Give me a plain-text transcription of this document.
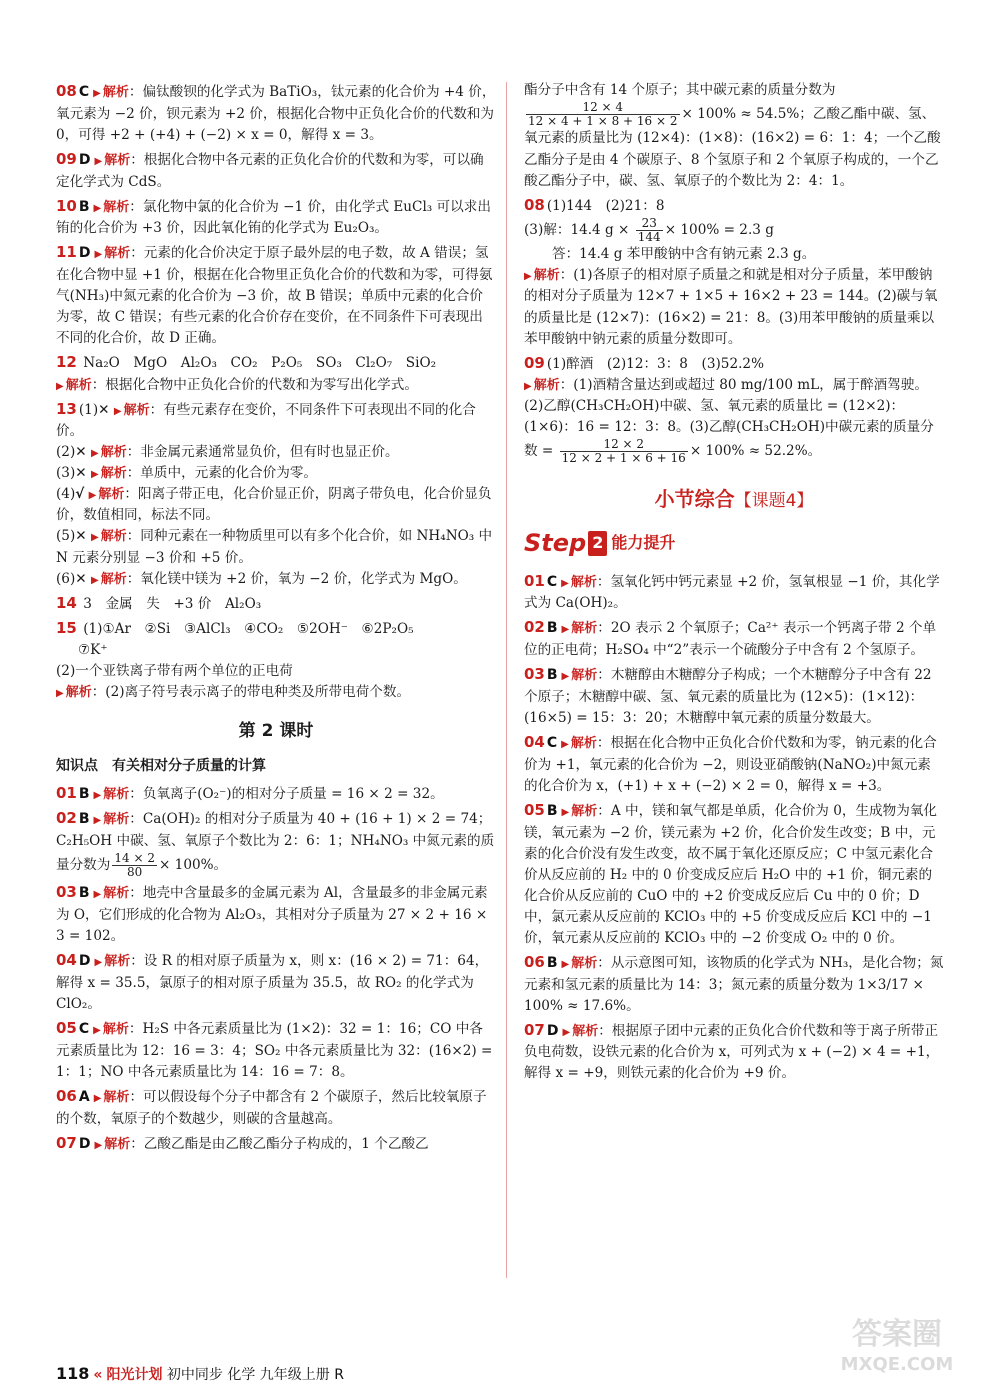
08 C ▶ 解析：偏钛酸钡的化学式为 BaTiO₃，钛元素的化合价为 +4 价，氧元素为 −2 价，钡元素为 +2 价，根据化合物中正负化合价的代数和为 0，可得 +2 + (+4) + (−2) × x = 0，解得 x = 3。
09 D ▶ 解析：根据化合物中各元素的正负化合价的代数和为零，可以确定化学式为 CdS。
10 B ▶ 解析：氯化物中氯的化合价为 −1 价，由化学式 EuCl₃ 可以求出铕的化合价为 +3 价，因此氧化铕的化学式为 Eu₂O₃。
11 D ▶ 解析：元素的化合价决定于原子最外层的电子数，故 A 错误；氢在化合物中显 +1 价，根据在化合物里正负化合价的代数和为零，可得氨气(NH₃)中氮元素的化合价为 −3 价，故 B 错误；单质中元素的化合价为零，故 C 错误；有些元素的化合价存在变价，在不同条件下可表现出不同的化合价，故 D 正确。
12 Na₂O　MgO　Al₂O₃　CO₂　P₂O₅　SO₃　Cl₂O₇　SiO₂
▶ 解析：根据化合物中正负化合价的代数和为零写出化学式。
13 (1)✕ ▶ 解析：有些元素存在变价，不同条件下可表现出不同的化合价。
(2)✕ ▶ 解析：非金属元素通常显负价，但有时也显正价。
(3)✕ ▶ 解析：单质中，元素的化合价为零。
(4)√ ▶ 解析：阳离子带正电，化合价显正价，阴离子带负电，化合价显负价，数值相同，标法不同。
(5)✕ ▶ 解析：同种元素在一种物质里可以有多个化合价，如 NH₄NO₃ 中 N 元素分别显 −3 价和 +5 价。
(6)✕ ▶ 解析：氧化镁中镁为 +2 价，氧为 −2 价，化学式为 MgO。
14 3　金属　失　+3 价　Al₂O₃
15 (1)①Ar　②Si　③AlCl₃　④CO₂　⑤2OH⁻　⑥2P₂O₅
⑦K⁺
(2)一个亚铁离子带有两个单位的正电荷
▶ 解析：(2)离子符号表示离子的带电种类及所带电荷个数。
第 2 课时
知识点　有关相对分子质量的计算
01 B ▶ 解析：负氧离子(O₂⁻)的相对分子质量 = 16 × 2 = 32。
02 B ▶ 解析：Ca(OH)₂ 的相对分子质量为 40 + (16 + 1) × 2 = 74；C₂H₅OH 中碳、氢、氧原子个数比为 2：6：1；NH₄NO₃ 中氮元素的质量分数为 $\frac{14 \times 2}{80} \times 100\%$。
03 B ▶ 解析：地壳中含量最多的金属元素为 Al，含量最多的非金属元素为 O，它们形成的化合物为 Al₂O₃，其相对分子质量为 27 × 2 + 16 × 3 = 102。
04 D ▶ 解析：设 R 的相对原子质量为 x，则 x：(16 × 2) = 71：64，解得 x = 35.5，氯原子的相对原子质量为 35.5，故 RO₂ 的化学式为 ClO₂。
05 C ▶ 解析：H₂S 中各元素质量比为 (1×2)：32 = 1：16；CO 中各元素质量比为 12：16 = 3：4；SO₂ 中各元素质量比为 32：(16×2) = 1：1；NO 中各元素质量比为 14：16 = 7：8。
06 A ▶ 解析：可以假设每个分子中都含有 2 个碳原子，然后比较氧原子的个数，氧原子的个数越少，则碳的含量越高。
07 D ▶ 解析：乙酸乙酯是由乙酸乙酯分子构成的，1 个乙酸乙
酯分子中含有 14 个原子；其中碳元素的质量分数为
$\frac{12 \times 4}{12 \times 4 + 1 \times 8 + 16 \times 2} \times 100\% \approx 54.5\%$；乙酸乙酯中碳、氢、氧元素的质量比为 (12×4)：(1×8)：(16×2) = 6：1：4；一个乙酸乙酯分子是由 4 个碳原子、8 个氢原子和 2 个氧原子构成的，一个乙酸乙酯分子中，碳、氢、氧原子的个数比为 2：4：1。
08 (1)144　(2)21：8
(3)解：14.4 $g \times \frac{23}{144} \times 100\% = 2.3$ g
答：14.4 g 苯甲酸钠中含有钠元素 2.3 g。
▶ 解析：(1)各原子的相对原子质量之和就是相对分子质量，苯甲酸钠的相对分子质量为 12×7 + 1×5 + 16×2 + 23 = 144。(2)碳与氧的质量比是 (12×7)：(16×2) = 21：8。(3)用苯甲酸钠的质量乘以苯甲酸钠中钠元素的质量分数即可。
09 (1)醉酒　(2)12：3：8　(3)52.2%
▶ 解析：(1)酒精含量达到或超过 80 mg/100 mL，属于醉酒驾驶。(2)乙醇(CH₃CH₂OH)中碳、氢、氧元素的质量比 = (12×2)：(1×6)：16 = 12：3：8。(3)乙醇(CH₃CH₂OH)中碳元素的质量分数 = $\frac{12 \times 2}{12 \times 2 + 1 \times 6 + 16} \times 100\% \approx 52.2\%$。
小节综合【课题4】
Step 2 能力提升
01 C ▶ 解析：氢氧化钙中钙元素显 +2 价，氢氧根显 −1 价，其化学式为 Ca(OH)₂。
02 B ▶ 解析：2O 表示 2 个氧原子；Ca²⁺ 表示一个钙离子带 2 个单位的正电荷；H₂SO₄ 中“2”表示一个硫酸分子中含有 2 个氢原子。
03 B ▶ 解析：木糖醇由木糖醇分子构成；一个木糖醇分子中含有 22 个原子；木糖醇中碳、氢、氧元素的质量比为 (12×5)：(1×12)：(16×5) = 15：3：20；木糖醇中氧元素的质量分数最大。
04 C ▶ 解析：根据在化合物中正负化合价代数和为零，钠元素的化合价为 +1，氧元素的化合价为 −2，则设亚硝酸钠(NaNO₂)中氮元素的化合价为 x，(+1) + x + (−2) × 2 = 0，解得 x = +3。
05 B ▶ 解析：A 中，镁和氧气都是单质，化合价为 0，生成物为氧化镁，氧元素为 −2 价，镁元素为 +2 价，化合价发生改变；B 中，元素的化合价没有发生改变，故不属于氧化还原反应；C 中氢元素化合价从反应前的 H₂ 中的 0 价变成反应后 H₂O 中的 +1 价，铜元素的化合价从反应前的 CuO 中的 +2 价变成反应后 Cu 中的 0 价；D 中，氯元素从反应前的 KClO₃ 中的 +5 价变成反应后 KCl 中的 −1 价，氧元素从反应前的 KClO₃ 中的 −2 价变成 O₂ 中的 0 价。
06 B ▶ 解析：从示意图可知，该物质的化学式为 NH₃，是化合物；氮元素和氢元素的质量比为 14：3；氮元素的质量分数为 1×3/17 × 100% ≈ 17.6%。
07 D ▶ 解析：根据原子团中元素的正负化合价代数和等于离子所带正负电荷数，设铁元素的化合价为 x，可列式为 x + (−2) × 4 = +1，解得 x = +9，则铁元素的化合价为 +9 价。
118 « 阳光计划 初中同步 化学 九年级上册 R
答案圈
MXQE.COM
